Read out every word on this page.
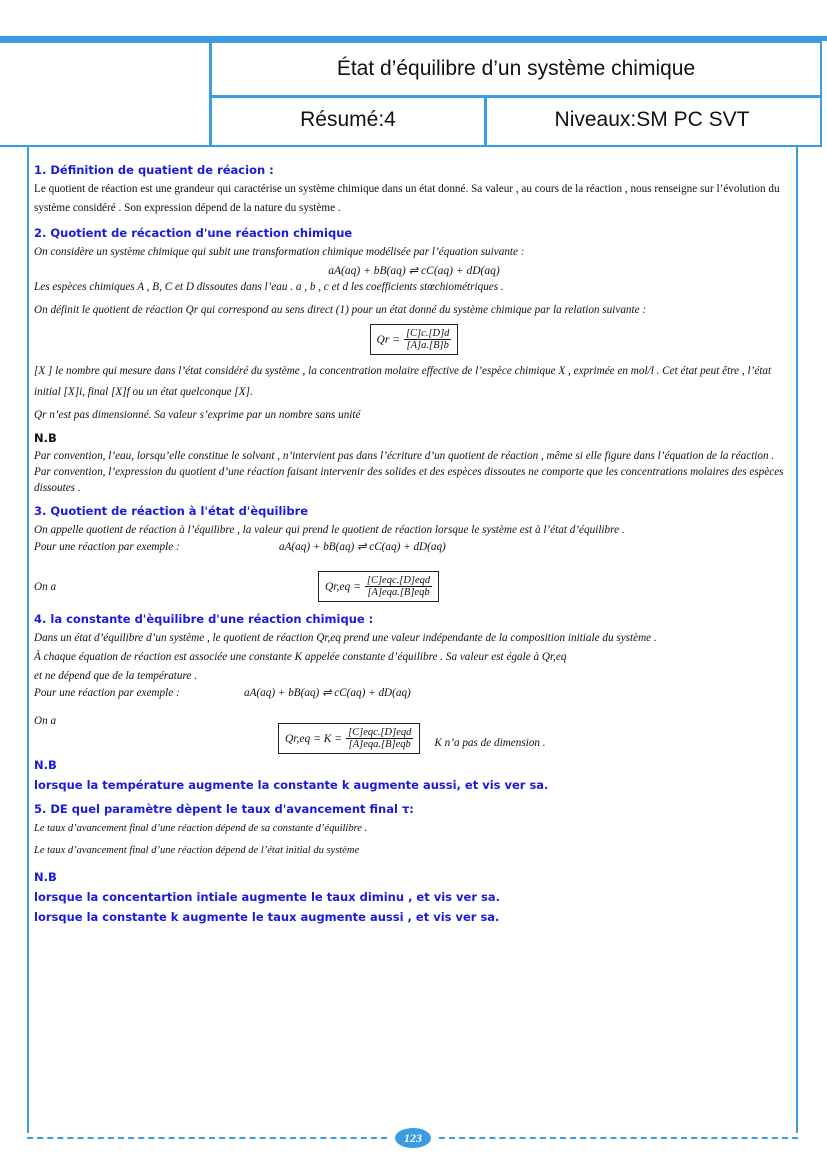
État d’équilibre d’un système chimique
Résumé:4	Niveaux:SM PC SVT
1. Définition de quatient de réacion :

Le quotient de réaction est une grandeur qui caractérise un système chimique dans un état donné. Sa valeur , au cours de la réaction , nous renseigne sur l’évolution du système considéré . Son expression dépend de la nature du système .

2. Quotient de récaction d'une réaction chimique

On considère un système chimique qui subit une transformation chimique modélisée par l’équation suivante :

aA(aq) + bB(aq) ⇌ cC(aq) + dD(aq)

Les espèces chimiques A , B, C et D dissoutes dans l’eau . a , b , c et d les coefficients stœchiométriques .

On définit le quotient de réaction Qr qui correspond au sens direct (1) pour un état donné du système chimique par la relation suivante :

$Qr = \frac{[C]c.[D]d}{[A]a.[B]b}$

[X ] le nombre qui mesure dans l’état considéré du système , la concentration molaire effective de l’espèce chimique X , exprimée en mol/l . Cet état peut être , l’état initial [X]i, final [X]f ou un état quelconque [X].

Qr n’est pas dimensionné. Sa valeur s’exprime par un nombre sans unité

N.B

Par convention, l’eau, lorsqu’elle constitue le solvant , n’intervient pas dans l’écriture d’un quotient de réaction , même si elle figure dans l’équation de la réaction .

Par convention, l’expression du quotient d’une réaction faisant intervenir des solides et des espèces dissoutes ne comporte que les concentrations molaires des espèces dissoutes .

3. Quotient de réaction à l'état d'èquilibre

On appelle quotient de réaction à l’équilibre , la valeur qui prend le quotient de réaction lorsque le système est à l’état d’équilibre .

Pour une réaction par exemple :	aA(aq) + bB(aq) ⇌ cC(aq) + dD(aq)
On a	$Qr,eq = \frac{\text{[C]eqc.[D]eqd}}{\text{[A]eqa.[B]eqb}}$
4. la constante d'èquilibre d'une réaction chimique :

Dans un état d’équilibre d’un système , le quotient de réaction Qr,eq prend une valeur indépendante de la composition initiale du système .

À chaque équation de réaction est associée une constante K appelée constante d’équilibre . Sa valeur est égale à Qr,eq

et ne dépend que de la température .

Pour une réaction par exemple :	aA(aq) + bB(aq) ⇌ cC(aq) + dD(aq)
On a
$Qr,eq = K = \frac{\text{[C]eqc.[D]eqd}}{\text{[A]eqa.[B]eqb}}$ K n’a pas de dimension .
N.B
lorsque la température augmente la constante k augmente aussi, et vis ver sa.
5. DE quel paramètre dèpent le taux d'avancement final τ:

Le taux d’avancement final d’une réaction dépend de sa constante d’équilibre .

Le taux d’avancement final d’une réaction dépend de l’état initial du système

N.B
lorsque la concentartion intiale augmente le taux diminu , et vis ver sa.
lorsque la constante k augmente le taux augmente aussi , et vis ver sa.
123
